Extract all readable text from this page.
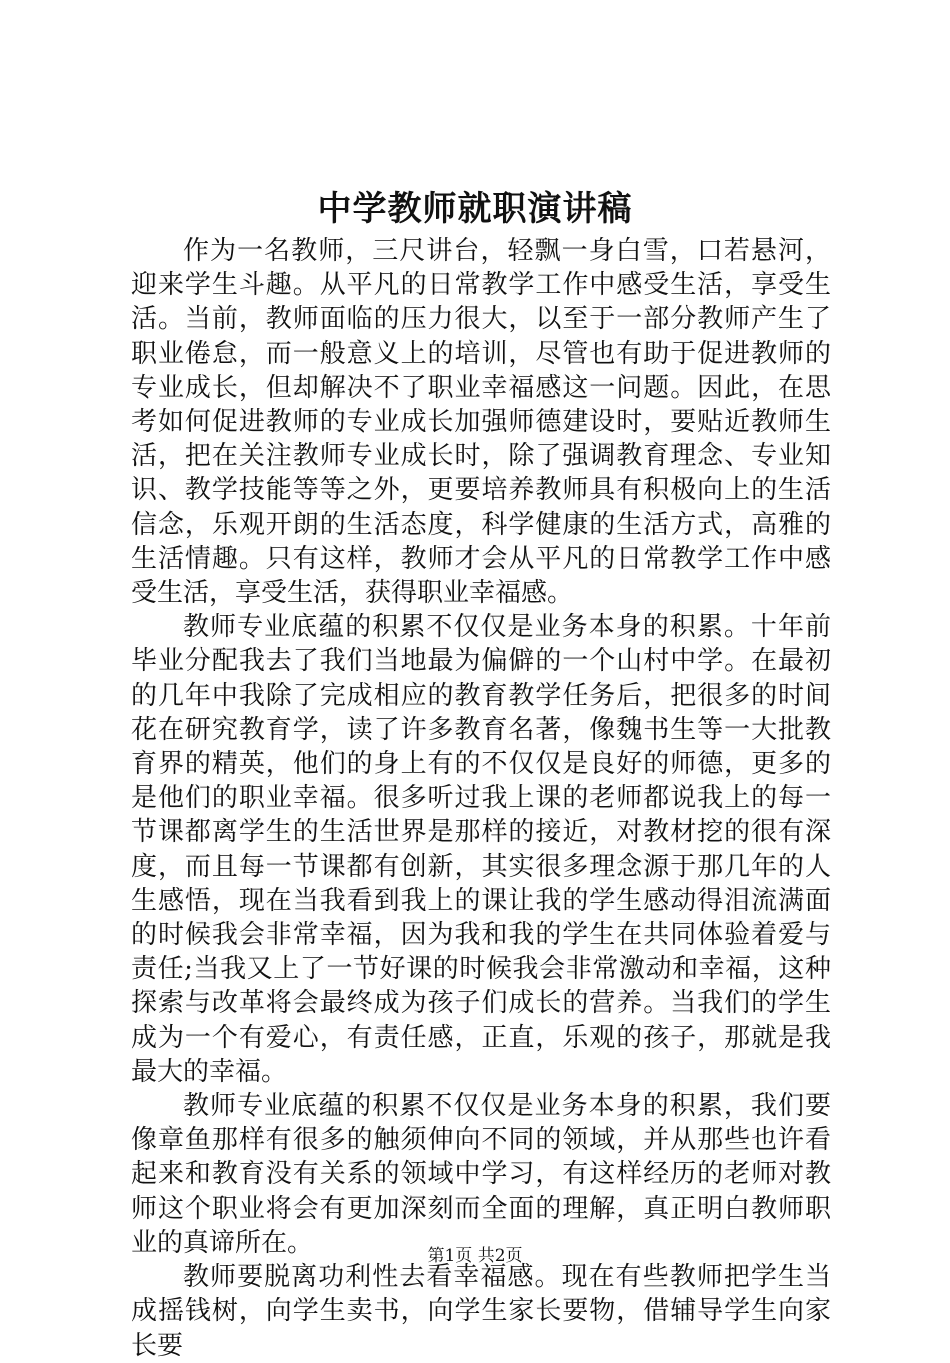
中学教师就职演讲稿

作为一名教师，三尺讲台，轻飘一身白雪，口若悬河，迎来学生斗趣。从平凡的日常教学工作中感受生活，享受生活。当前，教师面临的压力很大，以至于一部分教师产生了职业倦怠，而一般意义上的培训，尽管也有助于促进教师的专业成长，但却解决不了职业幸福感这一问题。因此，在思考如何促进教师的专业成长加强师德建设时，要贴近教师生活，把在关注教师专业成长时，除了强调教育理念、专业知识、教学技能等等之外，更要培养教师具有积极向上的生活信念，乐观开朗的生活态度，科学健康的生活方式，高雅的生活情趣。只有这样，教师才会从平凡的日常教学工作中感受生活，享受生活，获得职业幸福感。

教师专业底蕴的积累不仅仅是业务本身的积累。十年前毕业分配我去了我们当地最为偏僻的一个山村中学。在最初的几年中我除了完成相应的教育教学任务后，把很多的时间花在研究教育学，读了许多教育名著，像魏书生等一大批教育界的精英，他们的身上有的不仅仅是良好的师德，更多的是他们的职业幸福。很多听过我上课的老师都说我上的每一节课都离学生的生活世界是那样的接近，对教材挖的很有深度，而且每一节课都有创新，其实很多理念源于那几年的人生感悟，现在当我看到我上的课让我的学生感动得泪流满面的时候我会非常幸福，因为我和我的学生在共同体验着爱与责任;当我又上了一节好课的时候我会非常激动和幸福，这种探索与改革将会最终成为孩子们成长的营养。当我们的学生成为一个有爱心，有责任感，正直，乐观的孩子，那就是我最大的幸福。

教师专业底蕴的积累不仅仅是业务本身的积累，我们要像章鱼那样有很多的触须伸向不同的领域，并从那些也许看起来和教育没有关系的领域中学习，有这样经历的老师对教师这个职业将会有更加深刻而全面的理解，真正明白教师职业的真谛所在。

教师要脱离功利性去看幸福感。现在有些教师把学生当成摇钱树，向学生卖书，向学生家长要物，借辅导学生向家长要

第1页 共2页
